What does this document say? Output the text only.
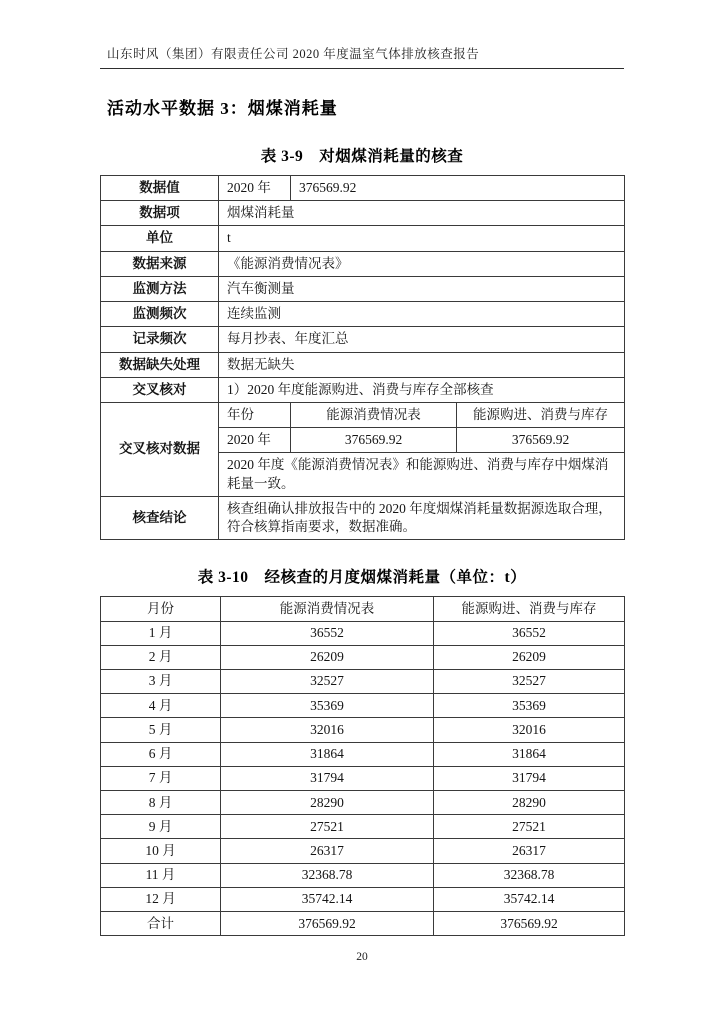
山东时风（集团）有限责任公司 2020 年度温室气体排放核查报告
活动水平数据 3：烟煤消耗量
表 3-9　对烟煤消耗量的核查
数据值	2020 年	376569.92	
数据项	烟煤消耗量		
单位	t		
数据来源	《能源消费情况表》		
监测方法	汽车衡测量		
监测频次	连续监测		
记录频次	每月抄表、年度汇总		
数据缺失处理	数据无缺失		
交叉核对	1）2020 年度能源购进、消费与库存全部核查		
交叉核对数据	年份	能源消费情况表	能源购进、消费与库存
	2020 年	376569.92	376569.92
	2020 年度《能源消费情况表》和能源购进、消费与库存中烟煤消耗量一致。		
核查结论	核查组确认排放报告中的 2020 年度烟煤消耗量数据源选取合理，符合核算指南要求，数据准确。		
表 3-10　经核查的月度烟煤消耗量（单位：t）
月份	能源消费情况表	能源购进、消费与库存
1 月	36552	36552
2 月	26209	26209
3 月	32527	32527
4 月	35369	35369
5 月	32016	32016
6 月	31864	31864
7 月	31794	31794
8 月	28290	28290
9 月	27521	27521
10 月	26317	26317
11 月	32368.78	32368.78
12 月	35742.14	35742.14
合计	376569.92	376569.92
20
